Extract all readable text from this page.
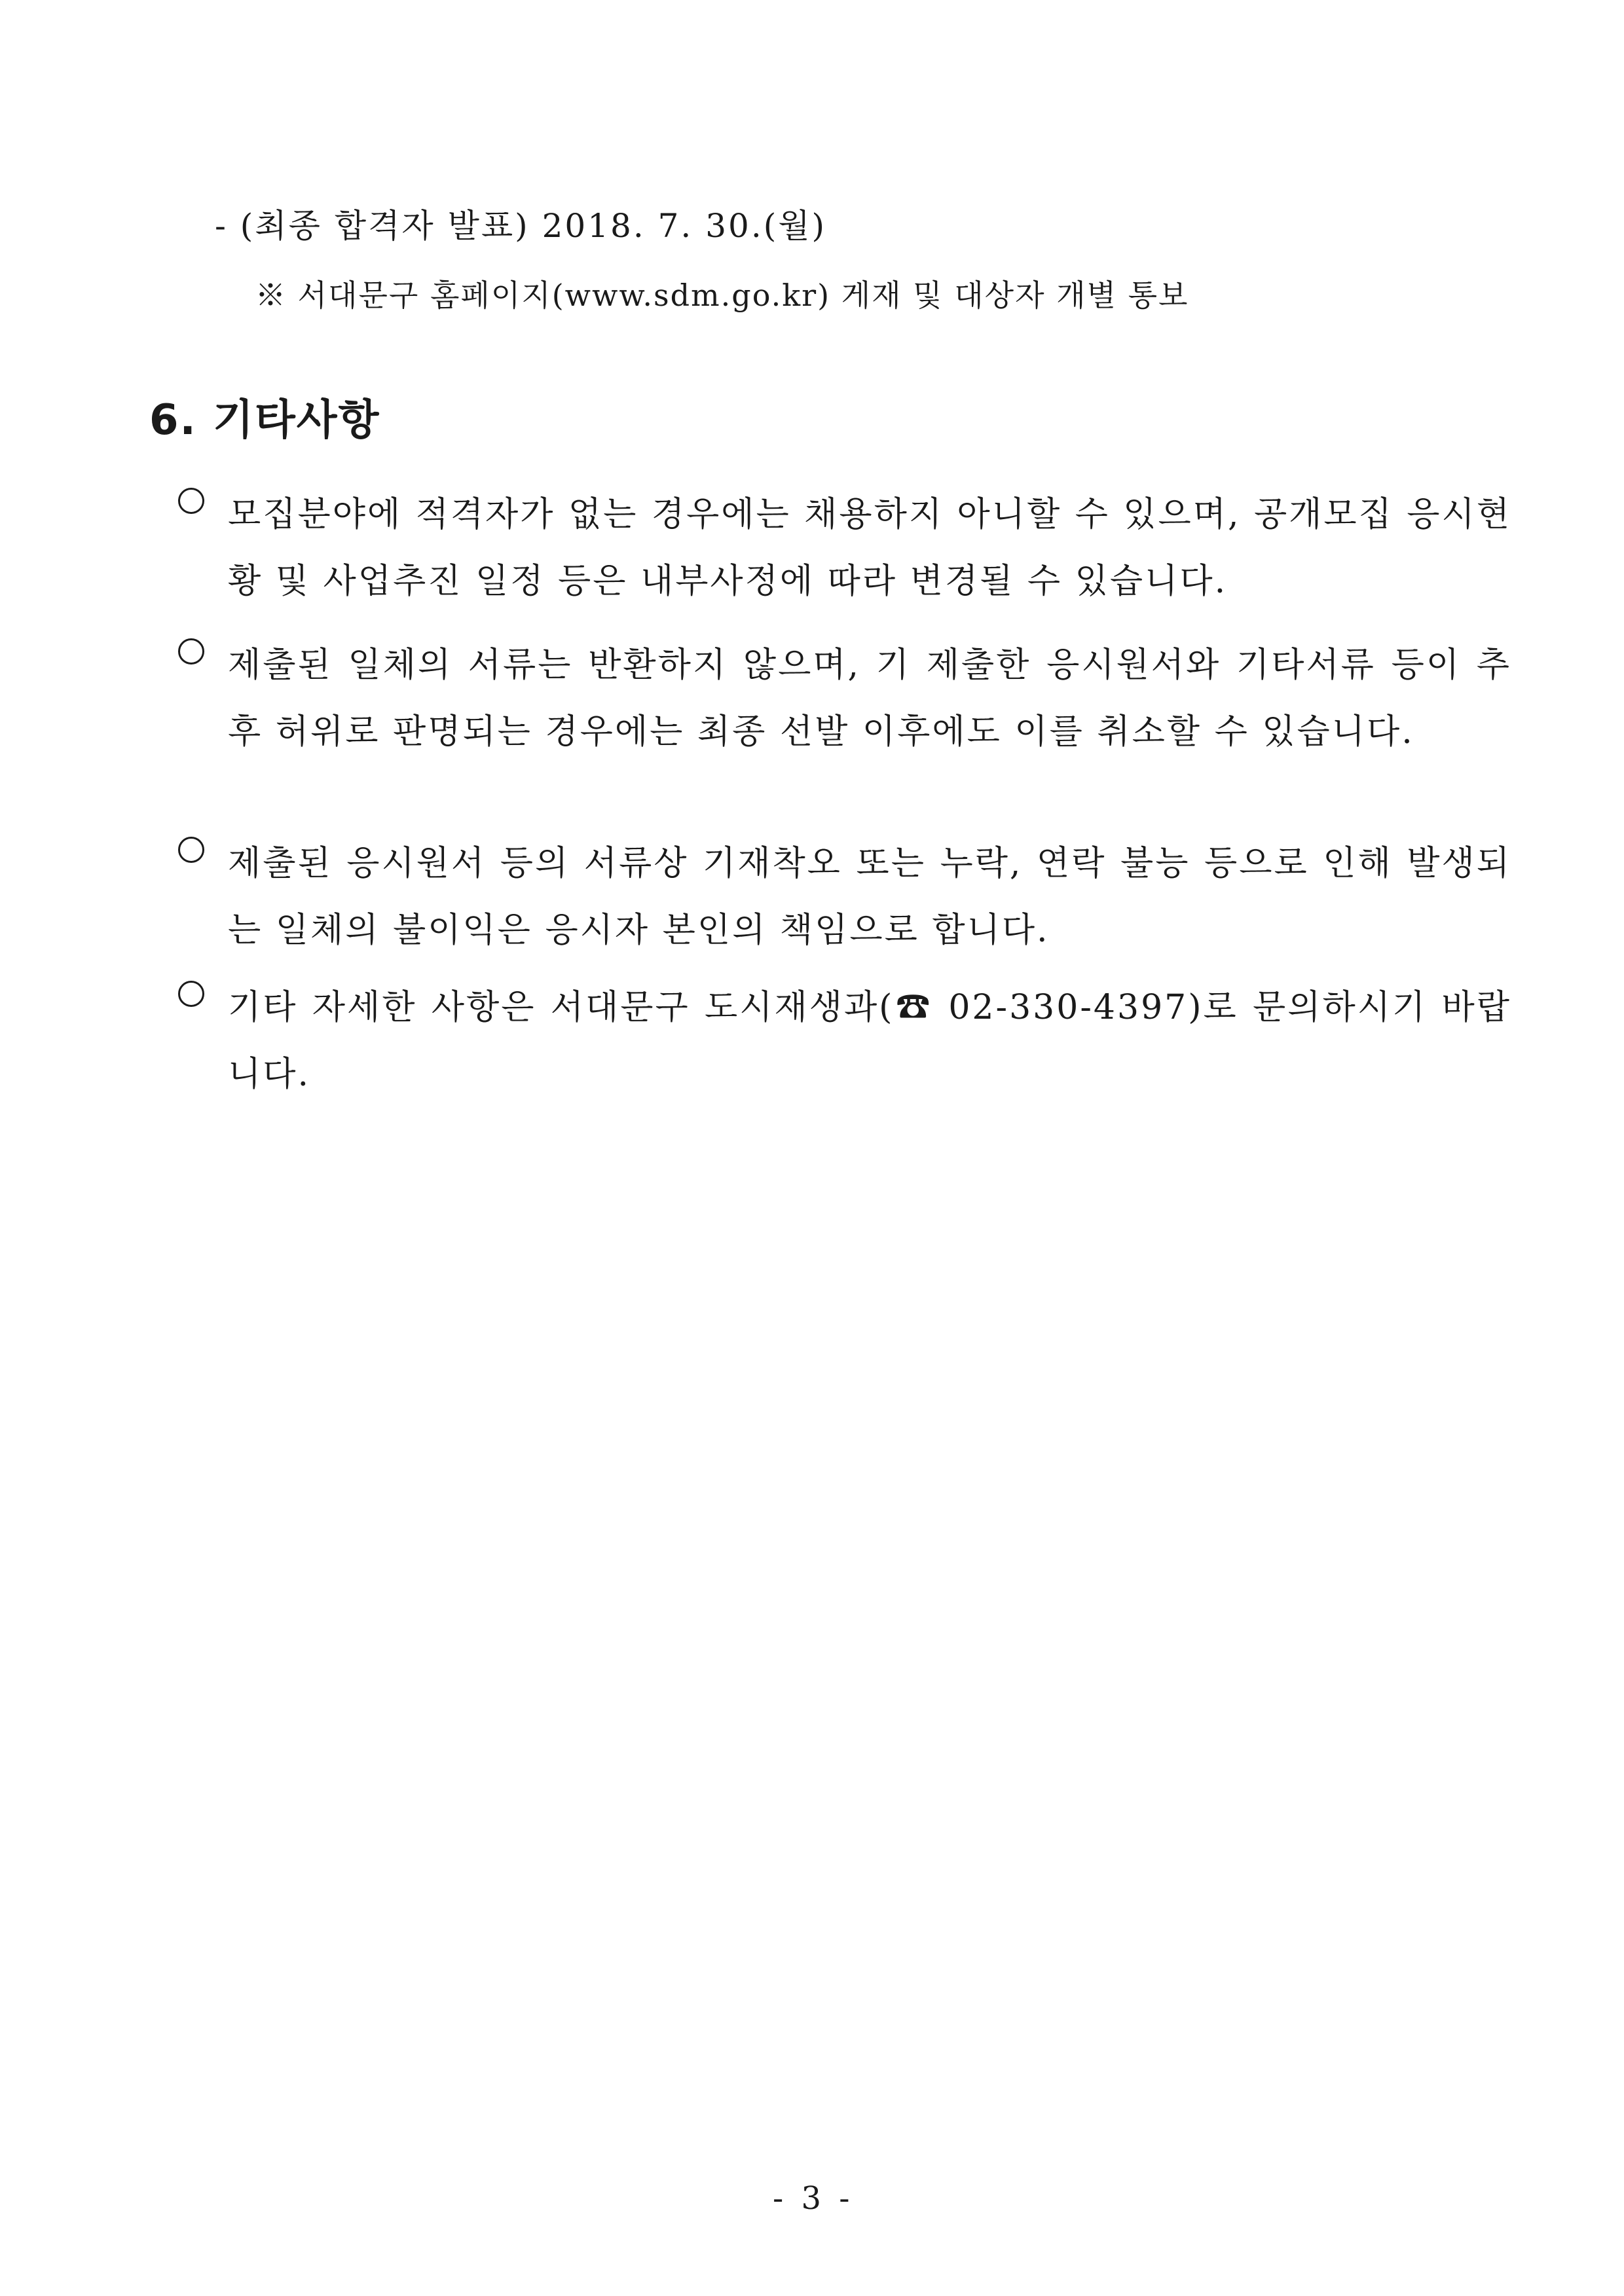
- (최종 합격자 발표) 2018. 7. 30.(월)
※ 서대문구 홈페이지(www.sdm.go.kr) 게재 및 대상자 개별 통보
6. 기타사항
모집분야에 적격자가 없는 경우에는 채용하지 아니할 수 있으며, 공개모집 응시현황 및 사업추진 일정 등은 내부사정에 따라 변경될 수 있습니다.
제출된 일체의 서류는 반환하지 않으며, 기 제출한 응시원서와 기타서류 등이 추후 허위로 판명되는 경우에는 최종 선발 이후에도 이를 취소할 수 있습니다.
제출된 응시원서 등의 서류상 기재착오 또는 누락, 연락 불능 등으로 인해 발생되는 일체의 불이익은 응시자 본인의 책임으로 합니다.
기타 자세한 사항은 서대문구 도시재생과(☎ 02-330-4397)로 문의하시기 바랍니다.
- 3 -
